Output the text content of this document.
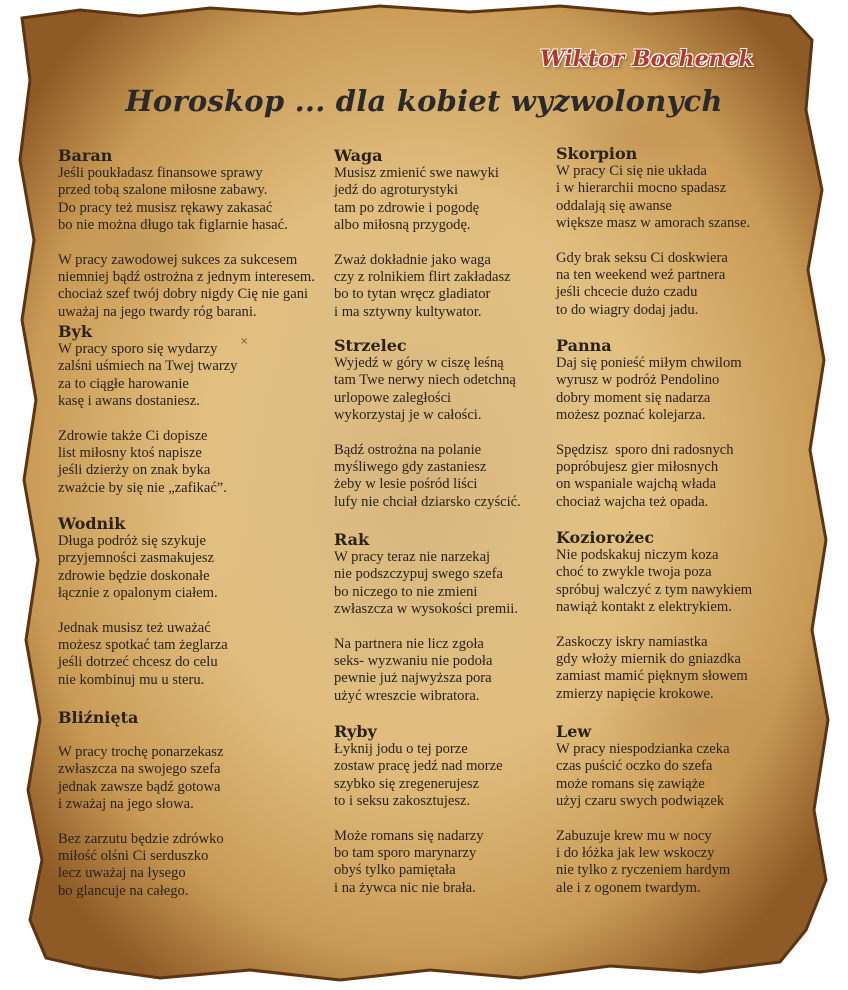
Wiktor Bochenek
Horoskop ... dla kobiet wyzwolonych
×
Baran
Jeśli poukładasz finansowe sprawy
przed tobą szalone miłosne zabawy.
Do pracy też musisz rękawy zakasać
bo nie można długo tak figlarnie hasać.
W pracy zawodowej sukces za sukcesem
niemniej bądź ostrożna z jednym interesem.
chociaż szef twój dobry nigdy Cię nie gani
uważaj na jego twardy róg barani.
Byk
W pracy sporo się wydarzy
zalśni uśmiech na Twej twarzy
za to ciągłe harowanie
kasę i awans dostaniesz.
Zdrowie także Ci dopisze
list miłosny ktoś napisze
jeśli dzierży on znak byka
zważcie by się nie „zafikać”.
Wodnik
Długa podróż się szykuje
przyjemności zasmakujesz
zdrowie będzie doskonałe
łącznie z opalonym ciałem.
Jednak musisz też uważać
możesz spotkać tam żeglarza
jeśli dotrzeć chcesz do celu
nie kombinuj mu u steru.
Bliźnięta
W pracy trochę ponarzekasz
zwłaszcza na swojego szefa
jednak zawsze bądź gotowa
i zważaj na jego słowa.
Bez zarzutu będzie zdrówko
miłość olśni Ci serduszko
lecz uważaj na łysego
bo glancuje na całego.
Waga
Musisz zmienić swe nawyki
jedź do agroturystyki
tam po zdrowie i pogodę
albo miłosną przygodę.
Zważ dokładnie jako waga
czy z rolnikiem flirt zakładasz
bo to tytan wręcz gladiator
i ma sztywny kultywator.
Strzelec
Wyjedź w góry w ciszę leśną
tam Twe nerwy niech odetchną
urlopowe zaległości
wykorzystaj je w całości.
Bądź ostrożna na polanie
myśliwego gdy zastaniesz
żeby w lesie pośród liści
lufy nie chciał dziarsko czyścić.
Rak
W pracy teraz nie narzekaj
nie podszczypuj swego szefa
bo niczego to nie zmieni
zwłaszcza w wysokości premii.
Na partnera nie licz zgoła
seks- wyzwaniu nie podoła
pewnie już najwyższa pora
użyć wreszcie wibratora.
Ryby
Łyknij jodu o tej porze
zostaw pracę jedź nad morze
szybko się zregenerujesz
to i seksu zakosztujesz.
Może romans się nadarzy
bo tam sporo marynarzy
obyś tylko pamiętała
i na żywca nic nie brała.
Skorpion
W pracy Ci się nie układa
i w hierarchii mocno spadasz
oddalają się awanse
większe masz w amorach szanse.
Gdy brak seksu Ci doskwiera
na ten weekend weź partnera
jeśli chcecie dużo czadu
to do wiagry dodaj jadu.
Panna
Daj się ponieść miłym chwilom
wyrusz w podróż Pendolino
dobry moment się nadarza
możesz poznać kolejarza.
Spędzisz  sporo dni radosnych
popróbujesz gier miłosnych
on wspaniale wajchą włada
chociaż wajcha też opada.
Koziorożec
Nie podskakuj niczym koza
choć to zwykle twoja poza
spróbuj walczyć z tym nawykiem
nawiąż kontakt z elektrykiem.
Zaskoczy iskry namiastka
gdy włoży miernik do gniazdka
zamiast mamić pięknym słowem
zmierzy napięcie krokowe.
Lew
W pracy niespodzianka czeka
czas puścić oczko do szefa
może romans się zawiąże
użyj czaru swych podwiązek
Zabuzuje krew mu w nocy
i do łóżka jak lew wskoczy
nie tylko z ryczeniem hardym
ale i z ogonem twardym.
